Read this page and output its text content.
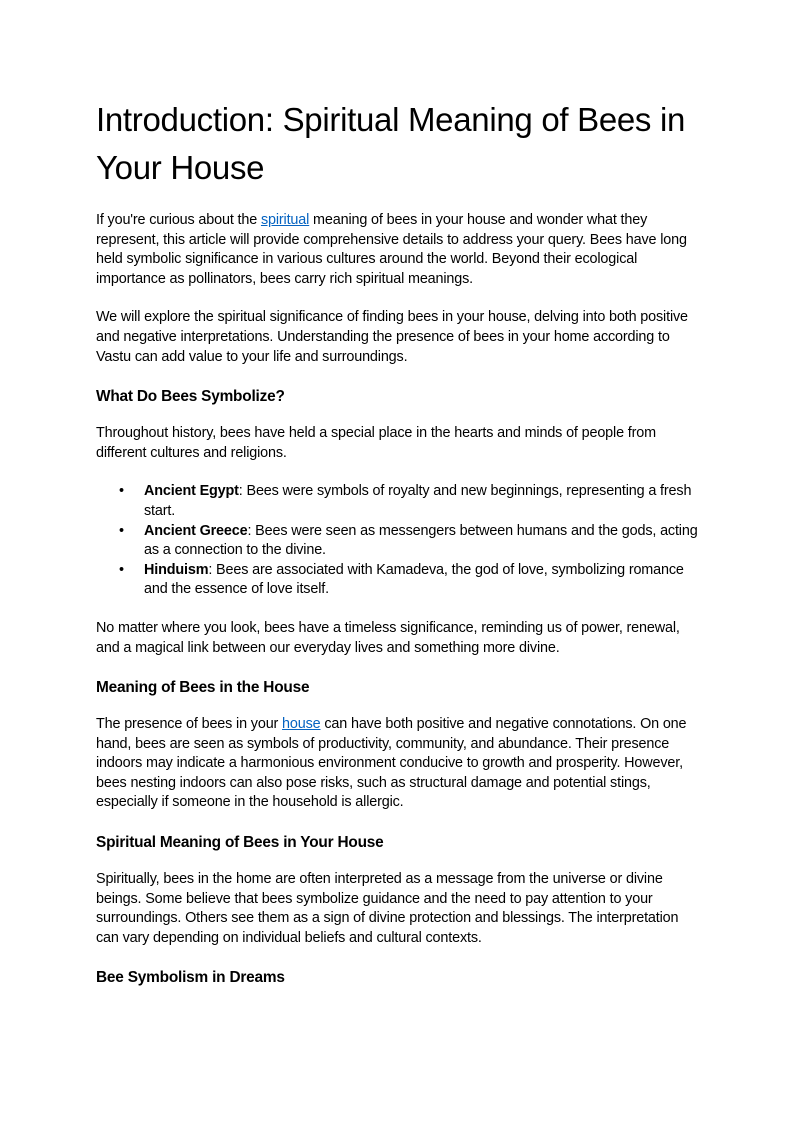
Introduction: Spiritual Meaning of Bees in Your House

If you're curious about the spiritual meaning of bees in your house and wonder what they represent, this article will provide comprehensive details to address your query. Bees have long held symbolic significance in various cultures around the world. Beyond their ecological importance as pollinators, bees carry rich spiritual meanings.

We will explore the spiritual significance of finding bees in your house, delving into both positive and negative interpretations. Understanding the presence of bees in your home according to Vastu can add value to your life and surroundings.

What Do Bees Symbolize?

Throughout history, bees have held a special place in the hearts and minds of people from different cultures and religions.

• Ancient Egypt: Bees were symbols of royalty and new beginnings, representing a fresh start.
• Ancient Greece: Bees were seen as messengers between humans and the gods, acting as a connection to the divine.
• Hinduism: Bees are associated with Kamadeva, the god of love, symbolizing romance and the essence of love itself.

No matter where you look, bees have a timeless significance, reminding us of power, renewal, and a magical link between our everyday lives and something more divine.

Meaning of Bees in the House

The presence of bees in your house can have both positive and negative connotations. On one hand, bees are seen as symbols of productivity, community, and abundance. Their presence indoors may indicate a harmonious environment conducive to growth and prosperity. However, bees nesting indoors can also pose risks, such as structural damage and potential stings, especially if someone in the household is allergic.

Spiritual Meaning of Bees in Your House

Spiritually, bees in the home are often interpreted as a message from the universe or divine beings. Some believe that bees symbolize guidance and the need to pay attention to your surroundings. Others see them as a sign of divine protection and blessings. The interpretation can vary depending on individual beliefs and cultural contexts.

Bee Symbolism in Dreams
